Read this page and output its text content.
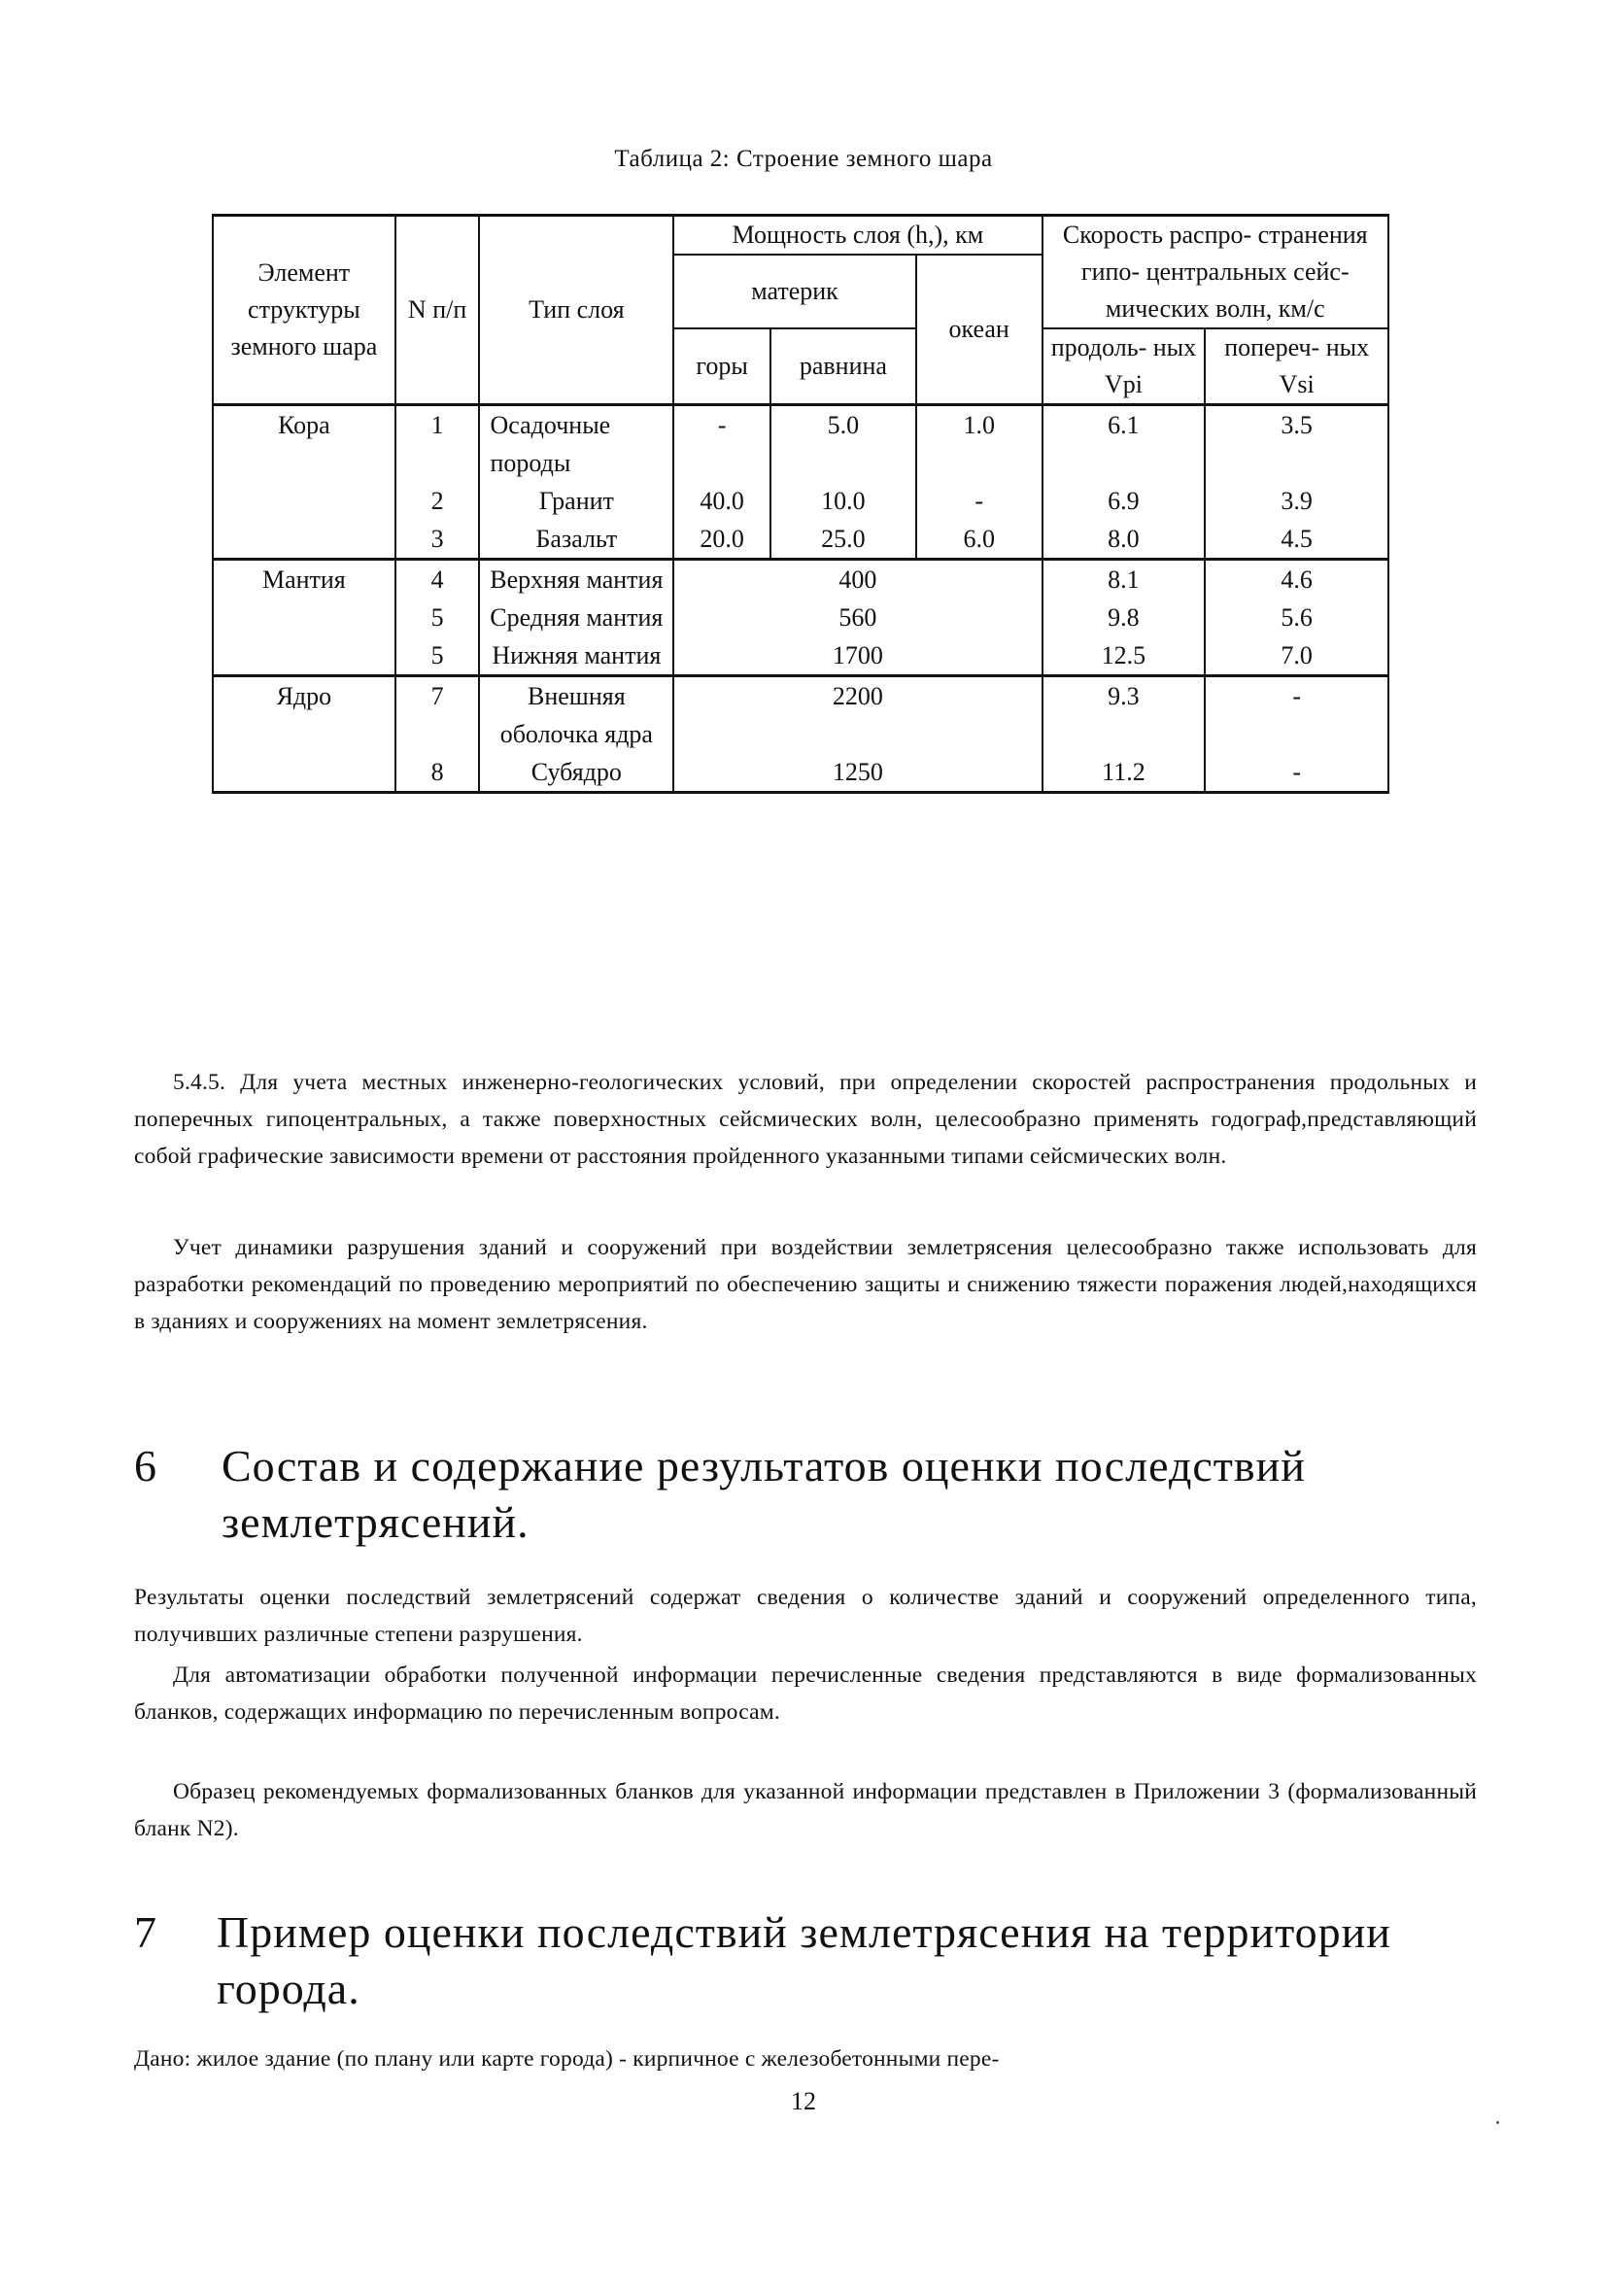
Таблица 2: Строение земного шара
Элемент структуры земного шара	N п/п	Тип слоя	Мощность слоя (h,), км			Скорость распро- странения гипо- центральных сейс- мических волн, км/с	
			материк		океан		
			горы	равнина		продоль- ных Vpi	попереч- ных Vsi
Кора	1	Осадочные породы	-	5.0	1.0	6.1	3.5
	2	Гранит	40.0	10.0	-	6.9	3.9
	3	Базальт	20.0	25.0	6.0	8.0	4.5
Мантия	4	Верхняя мантия	400			8.1	4.6
	5	Средняя мантия	560			9.8	5.6
	5	Нижняя мантия	1700			12.5	7.0
Ядро	7	Внешняя оболочка ядра	2200			9.3	-
	8	Субядро	1250			11.2	-

5.4.5. Для учета местных инженерно-геологических условий, при определении скоростей распространения продольных и поперечных гипоцентральных, а также поверхностных сейсмических волн, целесообразно применять годограф,представляющий собой графические зависимости времени от расстояния пройденного указанными типами сейсмических волн.

Учет динамики разрушения зданий и сооружений при воздействии землетрясения целесообразно также использовать для разработки рекомендаций по проведению мероприятий по обеспечению защиты и снижению тяжести поражения людей,находящихся в зданиях и сооружениях на момент землетрясения.

6 Состав и содержание результатов оценки последствий землетрясений.

Результаты оценки последствий землетрясений содержат сведения о количестве зданий и сооружений определенного типа, получивших различные степени разрушения.

Для автоматизации обработки полученной информации перечисленные сведения представляются в виде формализованных бланков, содержащих информацию по перечисленным вопросам.

Образец рекомендуемых формализованных бланков для указанной информации представлен в Приложении 3 (формализованный бланк N2).

7 Пример оценки последствий землетрясения на территории города.

Дано: жилое здание (по плану или карте города) - кирпичное с железобетонными пере-

12
